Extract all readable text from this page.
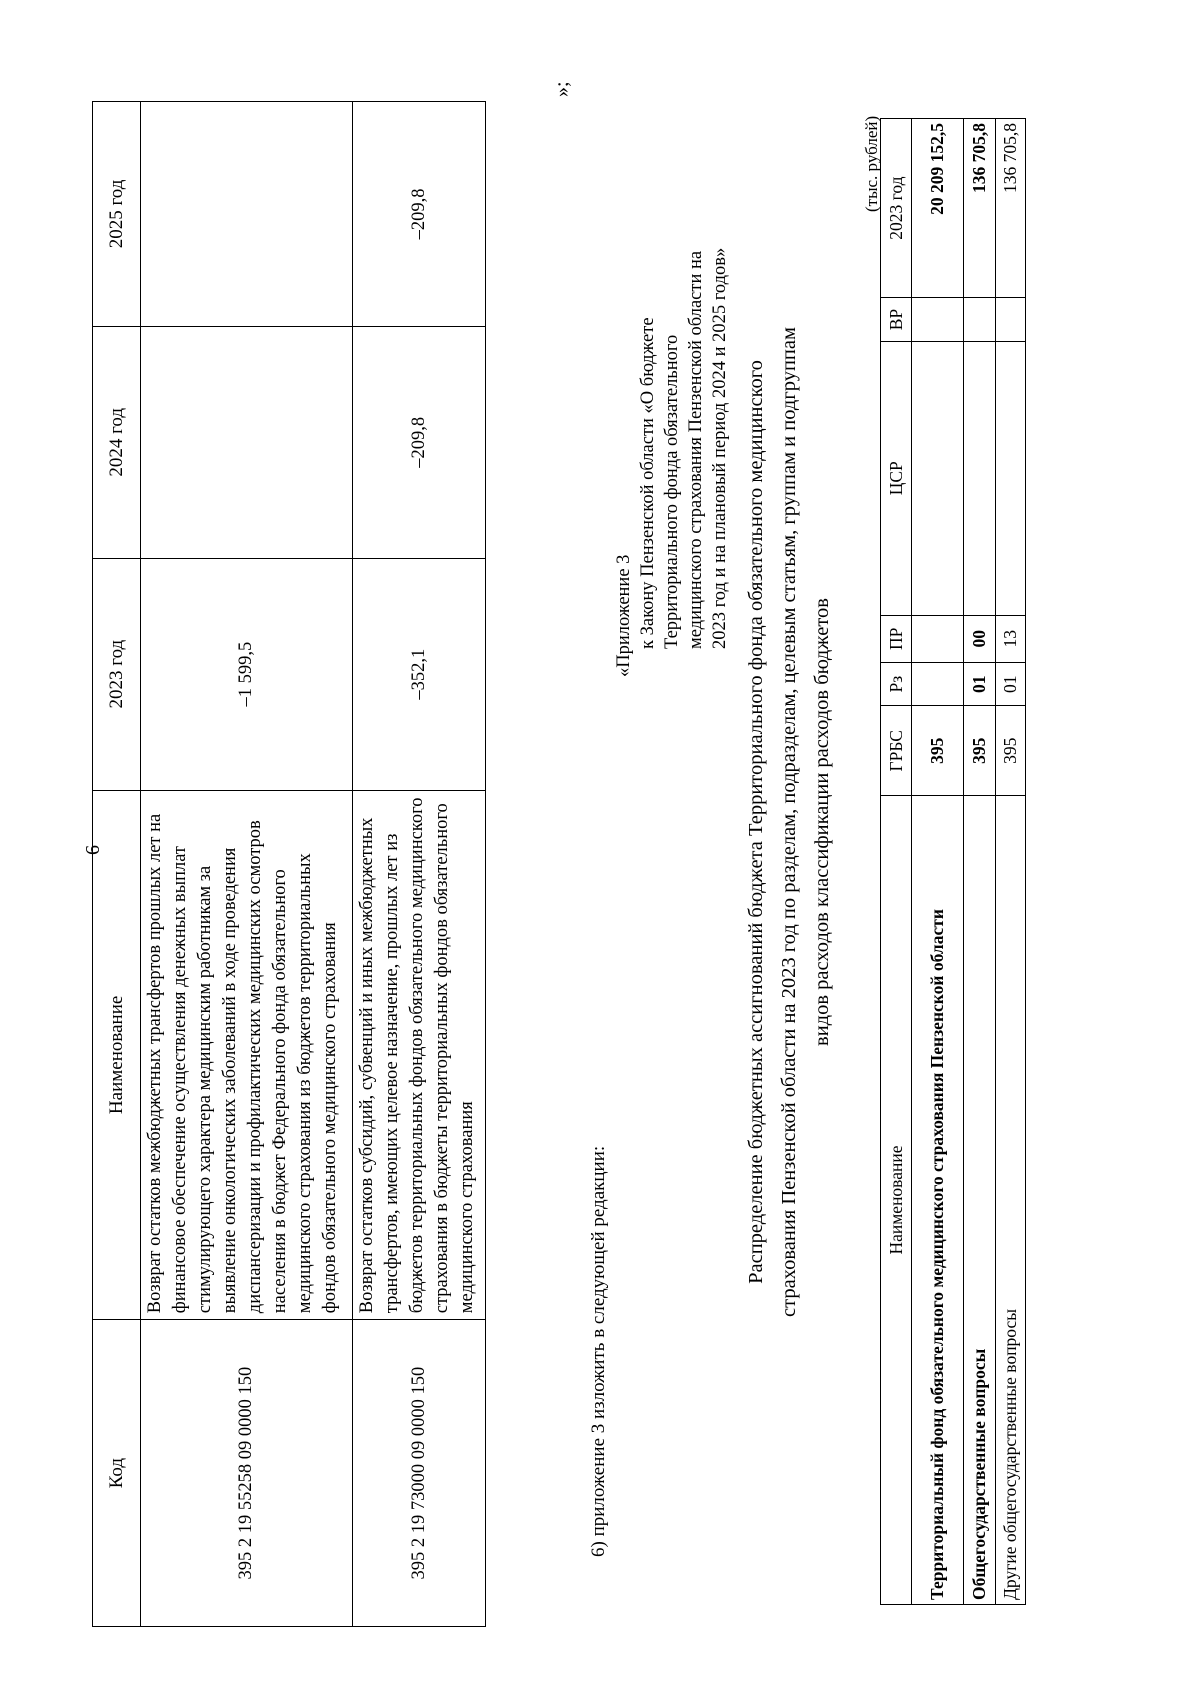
6
Код	Наименование	2023 год	2024 год	2025 год
395 2 19 55258 09 0000 150	Возврат остатков межбюджетных трансфертов прошлых лет на финансовое обеспечение осуществления денежных выплат стимулирующего характера медицинским работникам за выявление онкологических заболеваний в ходе проведения диспансеризации и профилактических медицинских осмотров населения в бюджет Федерального фонда обязательного медицинского страхования из бюджетов территориальных фондов обязательного медицинского страхования	–1 599,5		
395 2 19 73000 09 0000 150	Возврат остатков субсидий, субвенций и иных межбюджетных трансфертов, имеющих целевое назначение, прошлых лет из бюджетов территориальных фондов обязательного медицинского страхования в бюджеты территориальных фондов обязательного медицинского страхования	–352,1	–209,8	–209,8
»;
6) приложение 3 изложить в следующей редакции:
«Приложение 3 к Закону Пензенской области «О бюджете Территориального фонда обязательного медицинского страхования Пензенской области на 2023 год и на плановый период 2024 и 2025 годов» Распределение бюджетных ассигнований бюджета Территориального фонда обязательного медицинского страхования Пензенской области на 2023 год по разделам, подразделам, целевым статьям, группам и подгруппам видов расходов классификации расходов бюджетов
(тыс. рублей)
Наименование	ГРБС	Рз	ПР	ЦСР	ВР	2023 год
Территориальный фонд обязательного медицинского страхования Пензенской области	395					20 209 152,5
Общегосударственные вопросы	395	01	00			136 705,8
Другие общегосударственные вопросы	395	01	13			136 705,8
